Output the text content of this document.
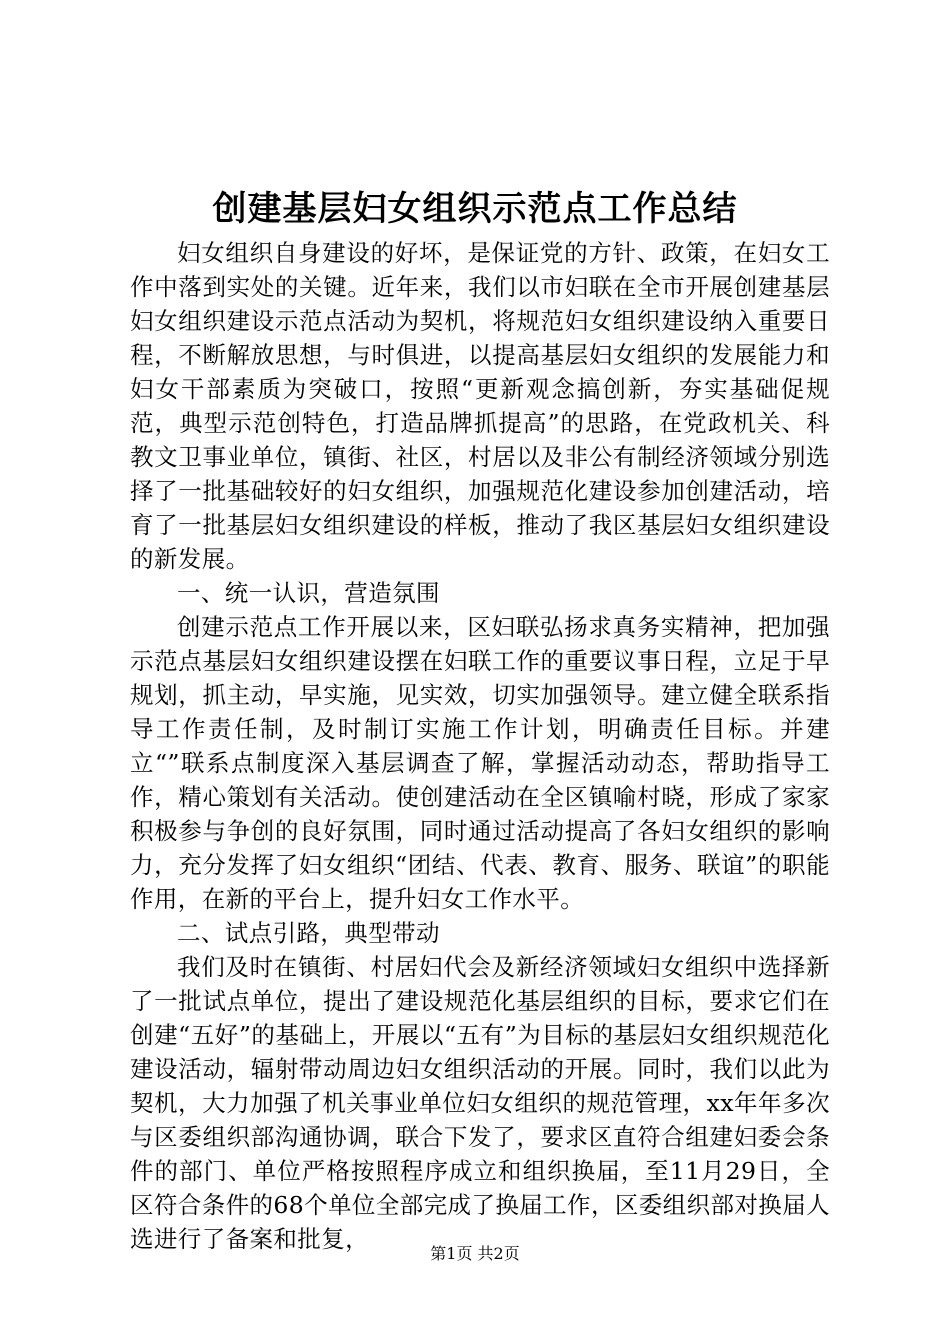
创建基层妇女组织示范点工作总结

妇女组织自身建设的好坏，是保证党的方针、政策，在妇女工作中落到实处的关键。近年来，我们以市妇联在全市开展创建基层妇女组织建设示范点活动为契机，将规范妇女组织建设纳入重要日程，不断解放思想，与时俱进，以提高基层妇女组织的发展能力和妇女干部素质为突破口，按照“更新观念搞创新，夯实基础促规范，典型示范创特色，打造品牌抓提高”的思路，在党政机关、科教文卫事业单位，镇街、社区，村居以及非公有制经济领域分别选择了一批基础较好的妇女组织，加强规范化建设参加创建活动，培育了一批基层妇女组织建设的样板，推动了我区基层妇女组织建设的新发展。

一、统一认识，营造氛围

创建示范点工作开展以来，区妇联弘扬求真务实精神，把加强示范点基层妇女组织建设摆在妇联工作的重要议事日程，立足于早规划，抓主动，早实施，见实效，切实加强领导。建立健全联系指导工作责任制，及时制订实施工作计划，明确责任目标。并建立“”联系点制度深入基层调查了解，掌握活动动态，帮助指导工作，精心策划有关活动。使创建活动在全区镇喻村晓，形成了家家积极参与争创的良好氛围，同时通过活动提高了各妇女组织的影响力，充分发挥了妇女组织“团结、代表、教育、服务、联谊”的职能作用，在新的平台上，提升妇女工作水平。

二、试点引路，典型带动

我们及时在镇街、村居妇代会及新经济领域妇女组织中选择新了一批试点单位，提出了建设规范化基层组织的目标，要求它们在创建“五好”的基础上，开展以“五有”为目标的基层妇女组织规范化建设活动，辐射带动周边妇女组织活动的开展。同时，我们以此为契机，大力加强了机关事业单位妇女组织的规范管理，xx年年多次与区委组织部沟通协调，联合下发了，要求区直符合组建妇委会条件的部门、单位严格按照程序成立和组织换届，至11月29日，全区符合条件的68个单位全部完成了换届工作，区委组织部对换届人选进行了备案和批复，

第1页 共2页
